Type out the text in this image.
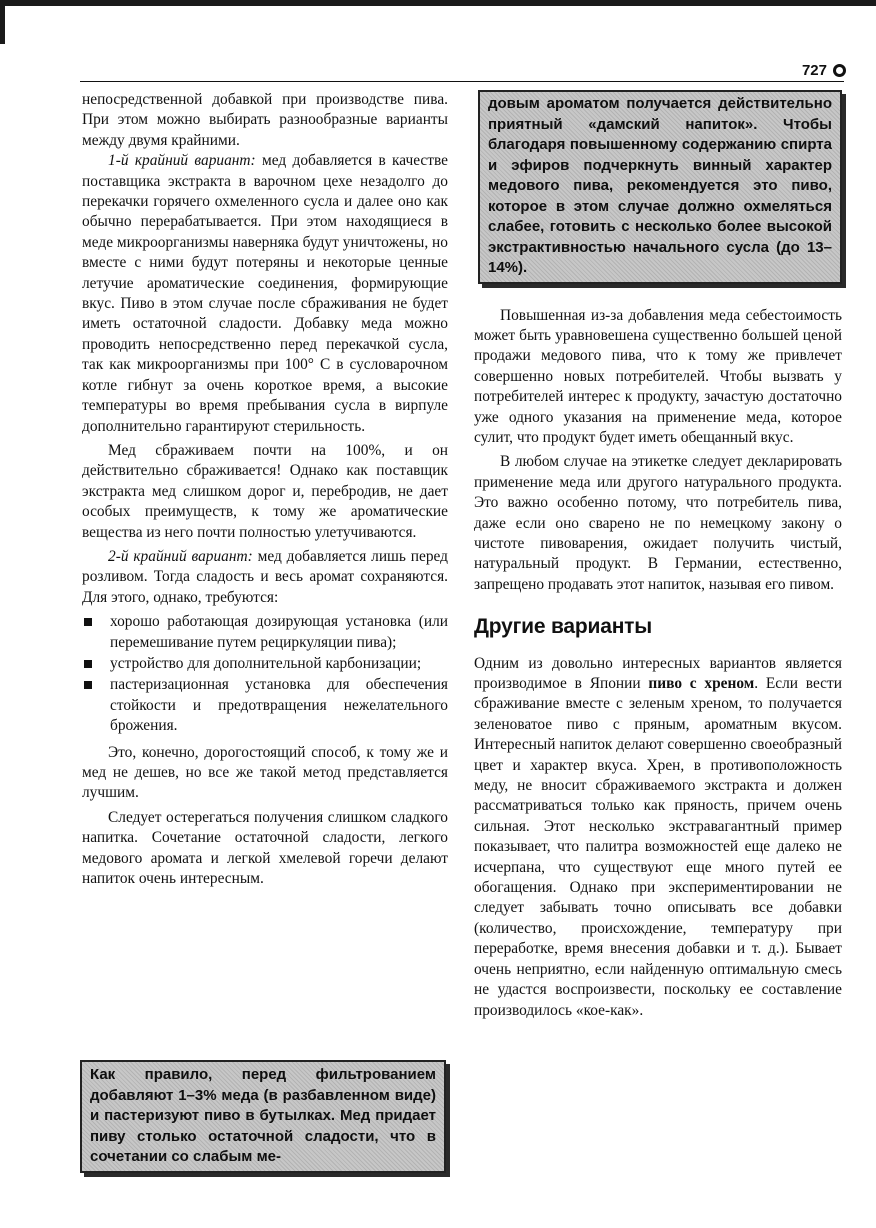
727

непосредственной добавкой при производстве пива. При этом можно выбирать разнообразные варианты между двумя крайними.

1-й крайний вариант: мед добавляется в качестве поставщика экстракта в варочном цехе незадолго до перекачки горячего охмеленного сусла и далее оно как обычно перерабатывается. При этом находящиеся в меде микроорганизмы наверняка будут уничтожены, но вместе с ними будут потеряны и некоторые ценные летучие ароматические соединения, формирующие вкус. Пиво в этом случае после сбраживания не будет иметь остаточной сладости. Добавку меда можно проводить непосредственно перед перекачкой сусла, так как микроорганизмы при 100° С в сусловарочном котле гибнут за очень короткое время, а высокие температуры во время пребывания сусла в вирпуле дополнительно гарантируют стерильность.

Мед сбраживаем почти на 100%, и он действительно сбраживается! Однако как поставщик экстракта мед слишком дорог и, перебродив, не дает особых преимуществ, к тому же ароматические вещества из него почти полностью улетучиваются.

2-й крайний вариант: мед добавляется лишь перед розливом. Тогда сладость и весь аромат сохраняются. Для этого, однако, требуются:

хорошо работающая дозирующая установка (или перемешивание путем рециркуляции пива);
устройство для дополнительной карбонизации;
пастеризационная установка для обеспечения стойкости и предотвращения нежелательного брожения.

Это, конечно, дорогостоящий способ, к тому же и мед не дешев, но все же такой метод представляется лучшим.

Следует остерегаться получения слишком сладкого напитка. Сочетание остаточной сладости, легкого медового аромата и легкой хмелевой горечи делают напиток очень интересным.

Как правило, перед фильтрованием добавляют 1–3% меда (в разбавленном виде) и пастеризуют пиво в бутылках. Мед придает пиву столько остаточной сладости, что в сочетании со слабым ме-
довым ароматом получается действительно приятный «дамский напиток». Чтобы благодаря повышенному содержанию спирта и эфиров подчеркнуть винный характер медового пива, рекомендуется это пиво, которое в этом случае должно охмеляться слабее, готовить с несколько более высокой экстрактивностью начального сусла (до 13–14%).

Повышенная из-за добавления меда себестоимость может быть уравновешена существенно большей ценой продажи медового пива, что к тому же привлечет совершенно новых потребителей. Чтобы вызвать у потребителей интерес к продукту, зачастую достаточно уже одного указания на применение меда, которое сулит, что продукт будет иметь обещанный вкус.

В любом случае на этикетке следует декларировать применение меда или другого натурального продукта. Это важно особенно потому, что потребитель пива, даже если оно сварено не по немецкому закону о чистоте пивоварения, ожидает получить чистый, натуральный продукт. В Германии, естественно, запрещено продавать этот напиток, называя его пивом.

Другие варианты

Одним из довольно интересных вариантов является производимое в Японии пиво с хреном. Если вести сбраживание вместе с зеленым хреном, то получается зеленоватое пиво с пряным, ароматным вкусом. Интересный напиток делают совершенно своеобразный цвет и характер вкуса. Хрен, в противоположность меду, не вносит сбраживаемого экстракта и должен рассматриваться только как пряность, причем очень сильная. Этот несколько экстравагантный пример показывает, что палитра возможностей еще далеко не исчерпана, что существуют еще много путей ее обогащения. Однако при экспериментировании не следует забывать точно описывать все добавки (количество, происхождение, температуру при переработке, время внесения добавки и т. д.). Бывает очень неприятно, если найденную оптимальную смесь не удастся воспроизвести, поскольку ее составление производилось «кое-как».
